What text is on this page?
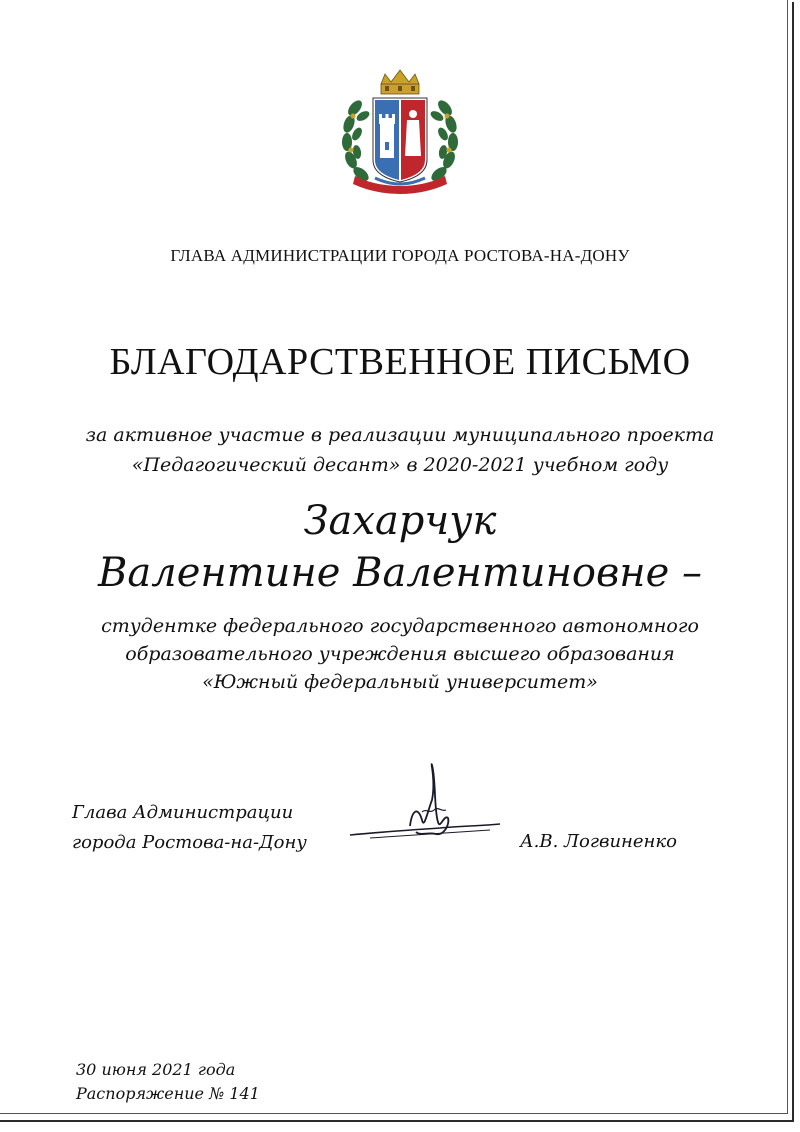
ГЛАВА АДМИНИСТРАЦИИ ГОРОДА РОСТОВА-НА-ДОНУ
БЛАГОДАРСТВЕННОЕ ПИСЬМО
за активное участие в реализации муниципального проекта
«Педагогический десант» в 2020-2021 учебном году
Захарчук
Валентине Валентиновне –
студентке федерального государственного автономного
образовательного учреждения высшего образования
«Южный федеральный университет»
Глава Администрации
города Ростова-на-Дону	А.В. Логвиненко
30 июня 2021 года
Распоряжение № 141
